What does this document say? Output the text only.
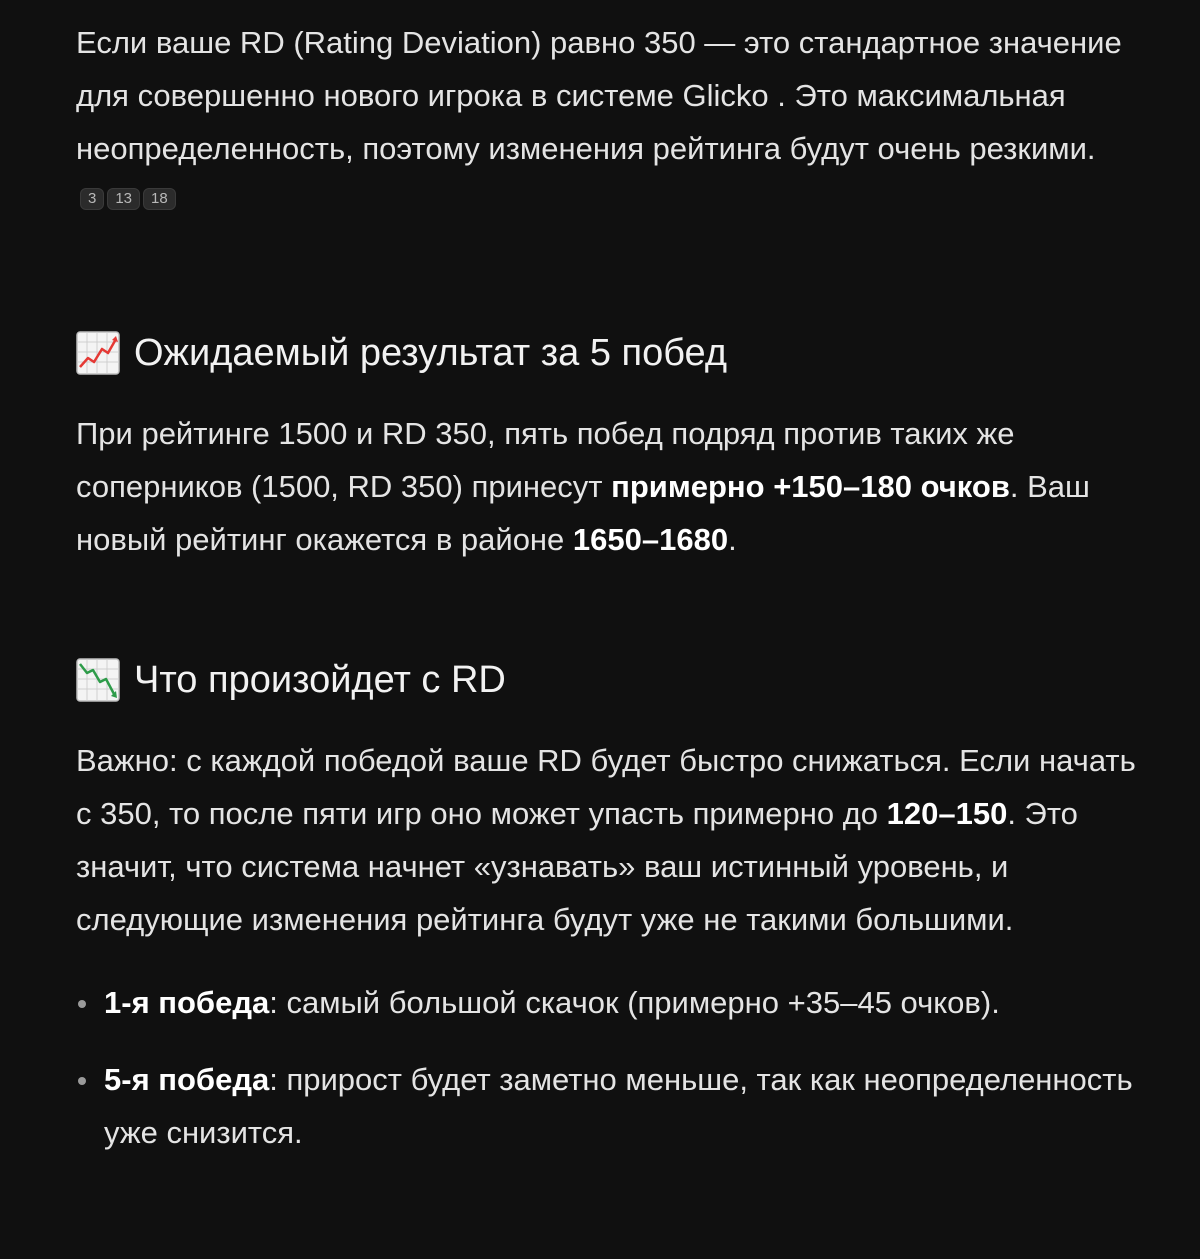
Если ваше RD (Rating Deviation) равно 350 — это стандартное значение для совершенно нового игрока в системе Glicko . Это максимальная неопределенность, поэтому изменения рейтинга будут очень резкими.
3	13	18

Ожидаемый результат за 5 побед

При рейтинге 1500 и RD 350, пять побед подряд против таких же соперников (1500, RD 350) принесут примерно +150–180 очков. Ваш новый рейтинг окажется в районе 1650–1680.

Что произойдет с RD

Важно: с каждой победой ваше RD будет быстро снижаться. Если начать с 350, то после пяти игр оно может упасть примерно до 120–150. Это значит, что система начнет «узнавать» ваш истинный уровень, и следующие изменения рейтинга будут уже не такими большими.

1-я победа: самый большой скачок (примерно +35–45 очков).
5-я победа: прирост будет заметно меньше, так как неопределенность уже снизится.
